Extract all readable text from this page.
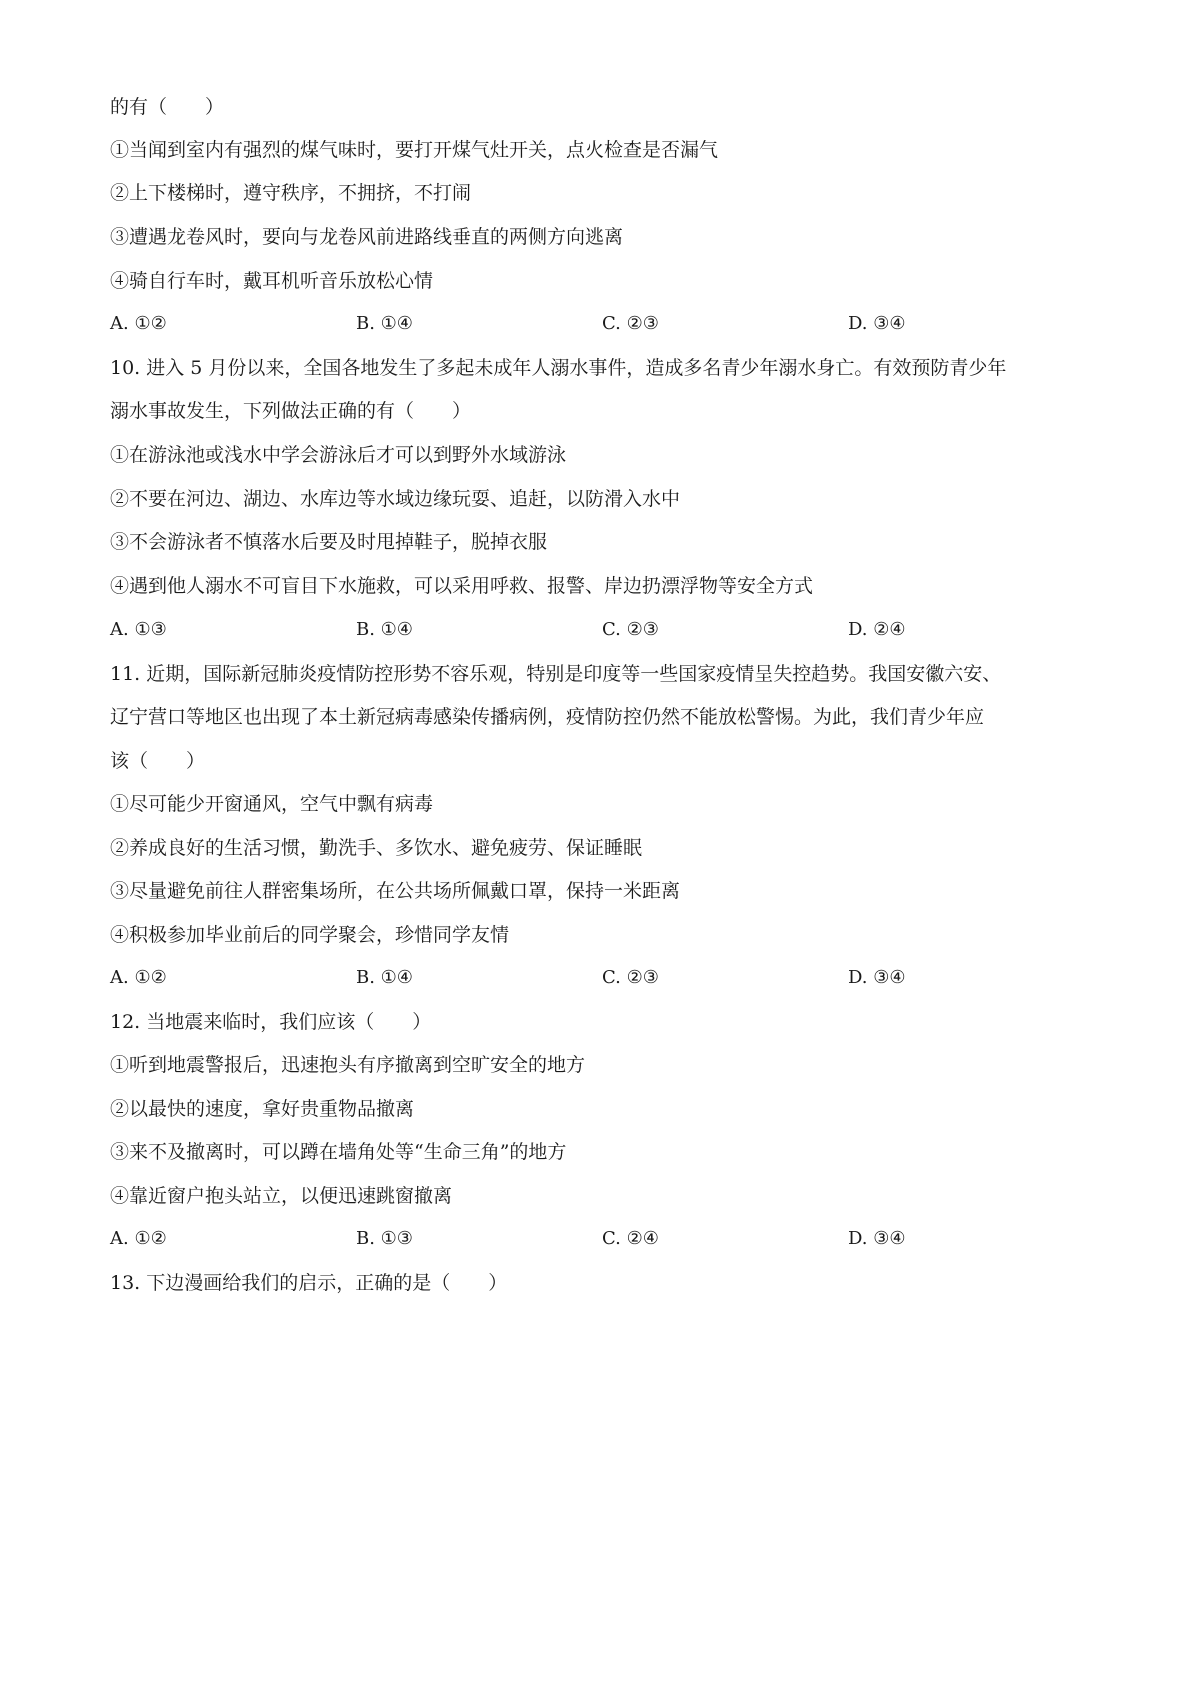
的有（　　）
①当闻到室内有强烈的煤气味时，要打开煤气灶开关，点火检查是否漏气
②上下楼梯时，遵守秩序，不拥挤，不打闹
③遭遇龙卷风时，要向与龙卷风前进路线垂直的两侧方向逃离
④骑自行车时，戴耳机听音乐放松心情
A. ①②	B. ①④	C. ②③	D. ③④
10. 进入 5 月份以来，全国各地发生了多起未成年人溺水事件，造成多名青少年溺水身亡。有效预防青少年
溺水事故发生，下列做法正确的有（　　）
①在游泳池或浅水中学会游泳后才可以到野外水域游泳
②不要在河边、湖边、水库边等水域边缘玩耍、追赶，以防滑入水中
③不会游泳者不慎落水后要及时甩掉鞋子，脱掉衣服
④遇到他人溺水不可盲目下水施救，可以采用呼救、报警、岸边扔漂浮物等安全方式
A. ①③	B. ①④	C. ②③	D. ②④
11. 近期，国际新冠肺炎疫情防控形势不容乐观，特别是印度等一些国家疫情呈失控趋势。我国安徽六安、
辽宁营口等地区也出现了本土新冠病毒感染传播病例，疫情防控仍然不能放松警惕。为此，我们青少年应
该（　　）
①尽可能少开窗通风，空气中飘有病毒
②养成良好的生活习惯，勤洗手、多饮水、避免疲劳、保证睡眠
③尽量避免前往人群密集场所，在公共场所佩戴口罩，保持一米距离
④积极参加毕业前后的同学聚会，珍惜同学友情
A. ①②	B. ①④	C. ②③	D. ③④
12. 当地震来临时，我们应该（　　）
①听到地震警报后，迅速抱头有序撤离到空旷安全的地方
②以最快的速度，拿好贵重物品撤离
③来不及撤离时，可以蹲在墙角处等“生命三角”的地方
④靠近窗户抱头站立，以便迅速跳窗撤离
A. ①②	B. ①③	C. ②④	D. ③④
13. 下边漫画给我们的启示，正确的是（　　）
